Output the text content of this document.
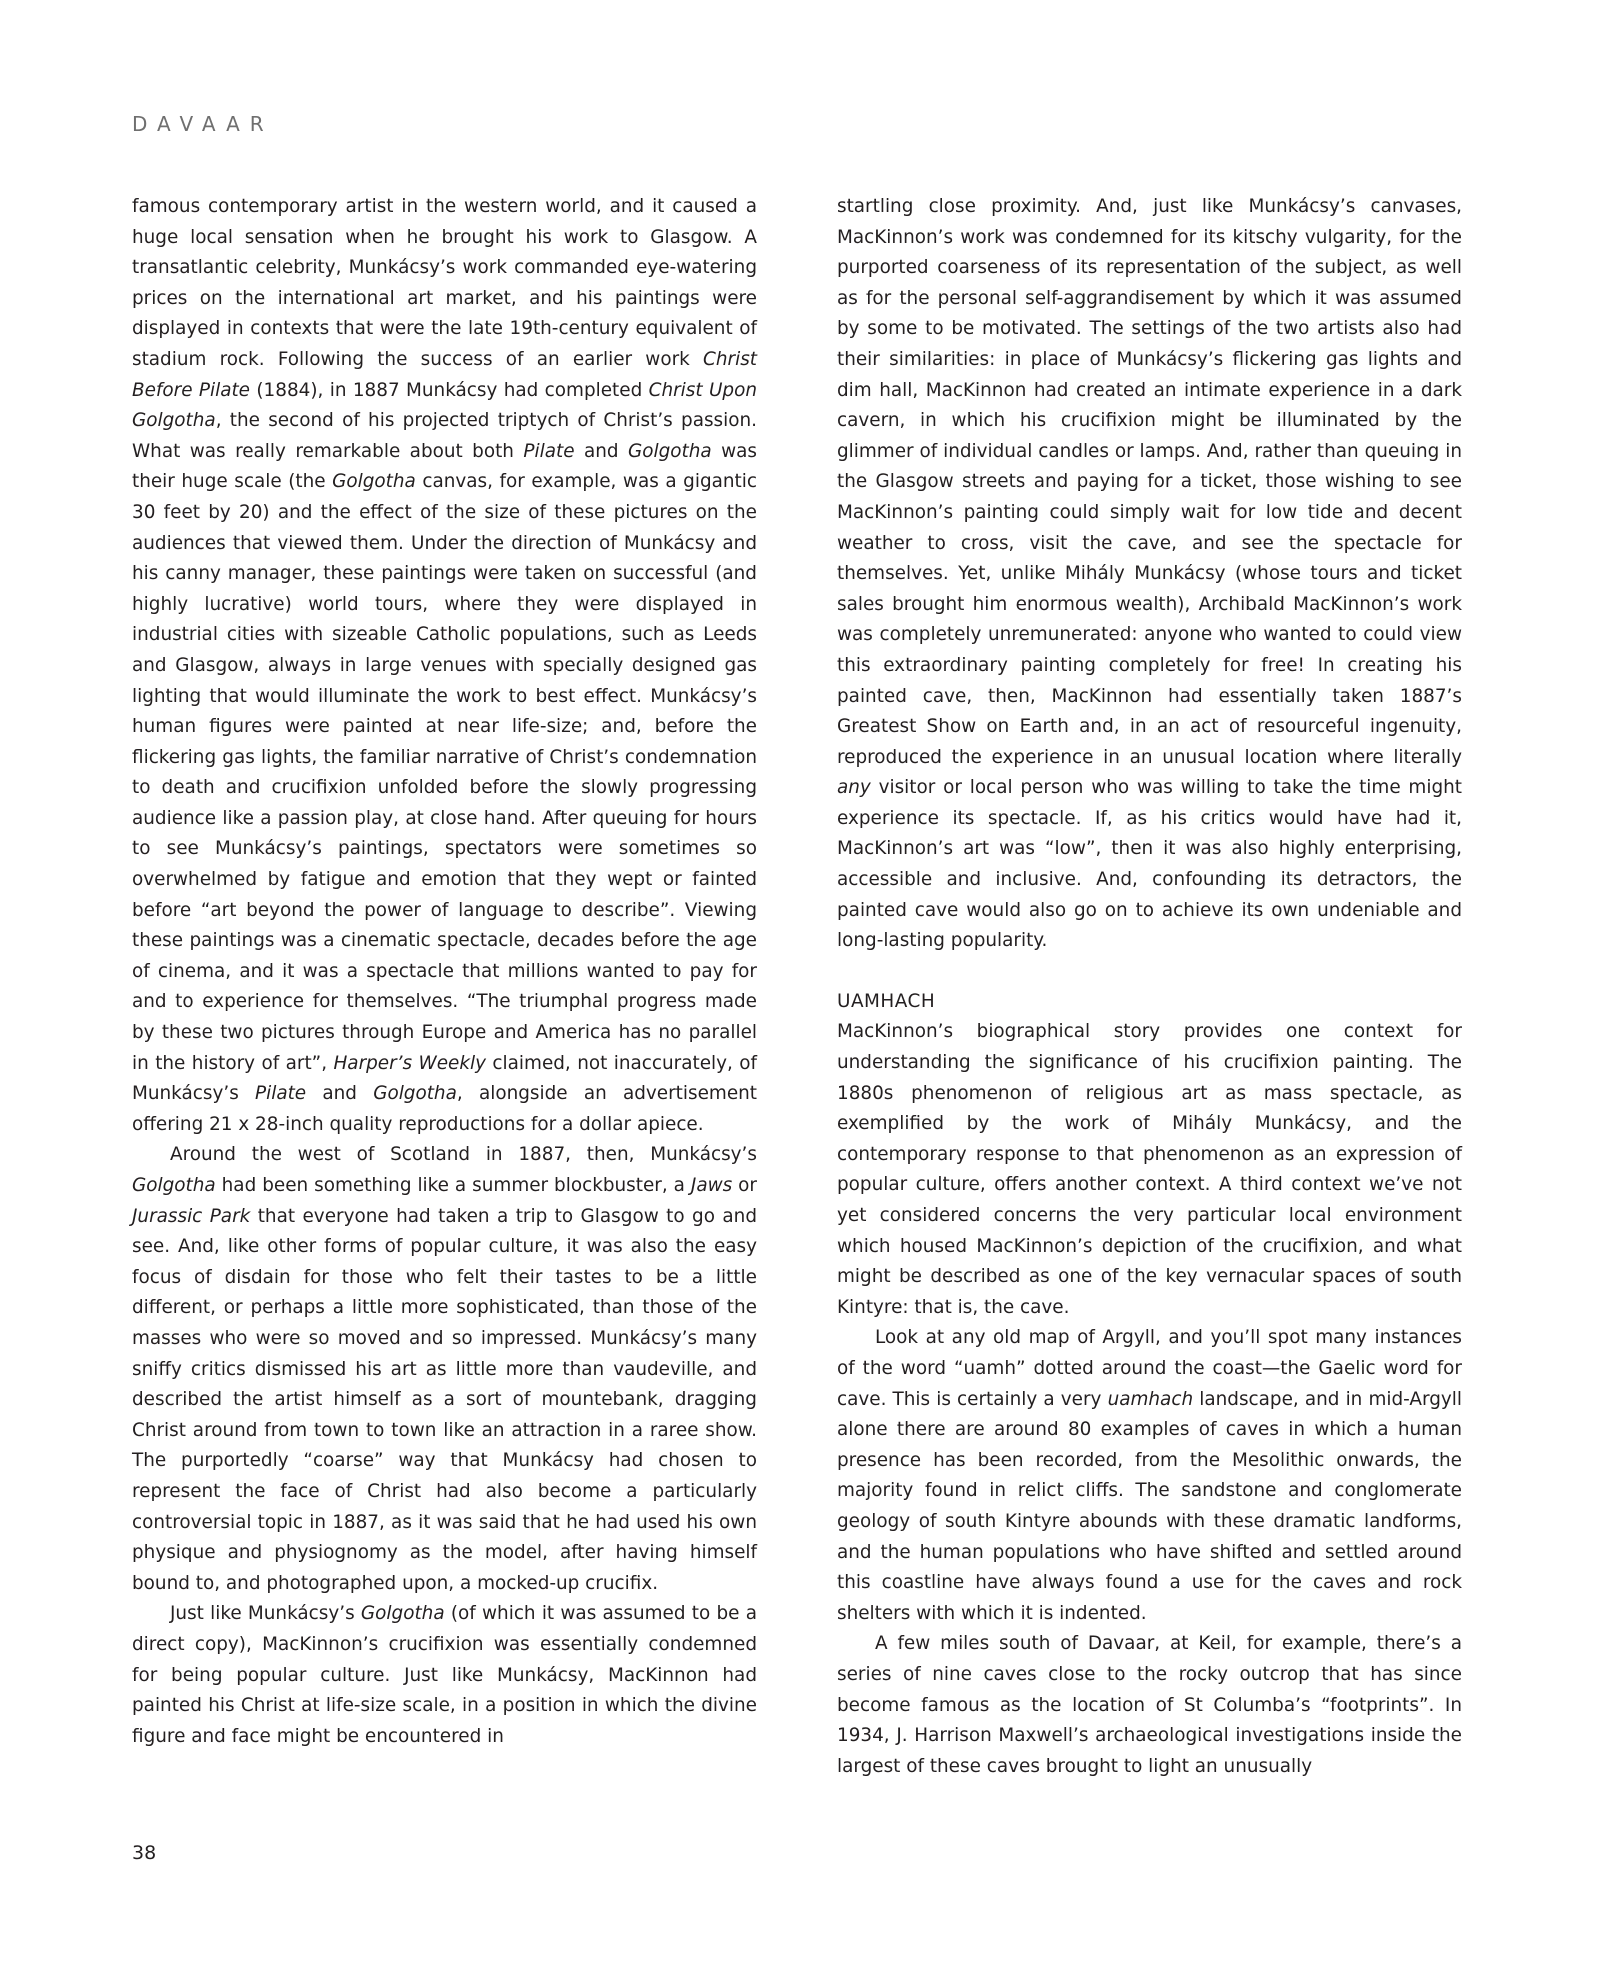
DAVAAR

famous contemporary artist in the western world, and it caused a huge local sensation when he brought his work to Glasgow. A transatlantic celebrity, Munkácsy’s work commanded eye-watering prices on the international art market, and his paintings were displayed in contexts that were the late 19th-century equivalent of stadium rock. Following the success of an earlier work Christ Before Pilate (1884), in 1887 Munkácsy had completed Christ Upon Golgotha, the second of his projected triptych of Christ’s passion. What was really remarkable about both Pilate and Golgotha was their huge scale (the Golgotha canvas, for example, was a gigantic 30 feet by 20) and the effect of the size of these pictures on the audiences that viewed them. Under the direction of Munkácsy and his canny manager, these paintings were taken on successful (and highly lucrative) world tours, where they were displayed in industrial cities with sizeable Catholic populations, such as Leeds and Glasgow, always in large venues with specially designed gas lighting that would illuminate the work to best effect. Munkácsy’s human figures were painted at near life-size; and, before the flickering gas lights, the familiar narrative of Christ’s condemnation to death and crucifixion unfolded before the slowly progressing audience like a passion play, at close hand. After queuing for hours to see Munkácsy’s paintings, spectators were sometimes so overwhelmed by fatigue and emotion that they wept or fainted before “art beyond the power of language to describe”. Viewing these paintings was a cinematic spectacle, decades before the age of cinema, and it was a spectacle that millions wanted to pay for and to experience for themselves. “The triumphal progress made by these two pictures through Europe and America has no parallel in the history of art”, Harper’s Weekly claimed, not inaccurately, of Munkácsy’s Pilate and Golgotha, alongside an advertisement offering 21 x 28-inch quality reproductions for a dollar apiece.

Around the west of Scotland in 1887, then, Munkácsy’s Golgotha had been something like a summer blockbuster, a Jaws or Jurassic Park that everyone had taken a trip to Glasgow to go and see. And, like other forms of popular culture, it was also the easy focus of disdain for those who felt their tastes to be a little different, or perhaps a little more sophisticated, than those of the masses who were so moved and so impressed. Munkácsy’s many sniffy critics dismissed his art as little more than vaudeville, and described the artist himself as a sort of mountebank, dragging Christ around from town to town like an attraction in a raree show. The purportedly “coarse” way that Munkácsy had chosen to represent the face of Christ had also become a particularly controversial topic in 1887, as it was said that he had used his own physique and physiognomy as the model, after having himself bound to, and photographed upon, a mocked-up crucifix.

Just like Munkácsy’s Golgotha (of which it was assumed to be a direct copy), MacKinnon’s crucifixion was essentially condemned for being popular culture. Just like Munkácsy, MacKinnon had painted his Christ at life-size scale, in a position in which the divine figure and face might be encountered in

startling close proximity. And, just like Munkácsy’s canvases, MacKinnon’s work was condemned for its kitschy vulgarity, for the purported coarseness of its representation of the subject, as well as for the personal self-aggrandisement by which it was assumed by some to be motivated. The settings of the two artists also had their similarities: in place of Munkácsy’s flickering gas lights and dim hall, MacKinnon had created an intimate experience in a dark cavern, in which his crucifixion might be illuminated by the glimmer of individual candles or lamps. And, rather than queuing in the Glasgow streets and paying for a ticket, those wishing to see MacKinnon’s painting could simply wait for low tide and decent weather to cross, visit the cave, and see the spectacle for themselves. Yet, unlike Mihály Munkácsy (whose tours and ticket sales brought him enormous wealth), Archibald MacKinnon’s work was completely unremunerated: anyone who wanted to could view this extraordinary painting completely for free! In creating his painted cave, then, MacKinnon had essentially taken 1887’s Greatest Show on Earth and, in an act of resourceful ingenuity, reproduced the experience in an unusual location where literally any visitor or local person who was willing to take the time might experience its spectacle. If, as his critics would have had it, MacKinnon’s art was “low”, then it was also highly enterprising, accessible and inclusive. And, confounding its detractors, the painted cave would also go on to achieve its own undeniable and long-lasting popularity.

UAMHACH

MacKinnon’s biographical story provides one context for understanding the significance of his crucifixion painting. The 1880s phenomenon of religious art as mass spectacle, as exemplified by the work of Mihály Munkácsy, and the contemporary response to that phenomenon as an expression of popular culture, offers another context. A third context we’ve not yet considered concerns the very particular local environment which housed MacKinnon’s depiction of the crucifixion, and what might be described as one of the key vernacular spaces of south Kintyre: that is, the cave.

Look at any old map of Argyll, and you’ll spot many instances of the word “uamh” dotted around the coast—the Gaelic word for cave. This is certainly a very uamhach landscape, and in mid-Argyll alone there are around 80 examples of caves in which a human presence has been recorded, from the Mesolithic onwards, the majority found in relict cliffs. The sandstone and conglomerate geology of south Kintyre abounds with these dramatic landforms, and the human populations who have shifted and settled around this coastline have always found a use for the caves and rock shelters with which it is indented.

A few miles south of Davaar, at Keil, for example, there’s a series of nine caves close to the rocky outcrop that has since become famous as the location of St Columba’s “footprints”. In 1934, J. Harrison Maxwell’s archaeological investigations inside the largest of these caves brought to light an unusually

38
